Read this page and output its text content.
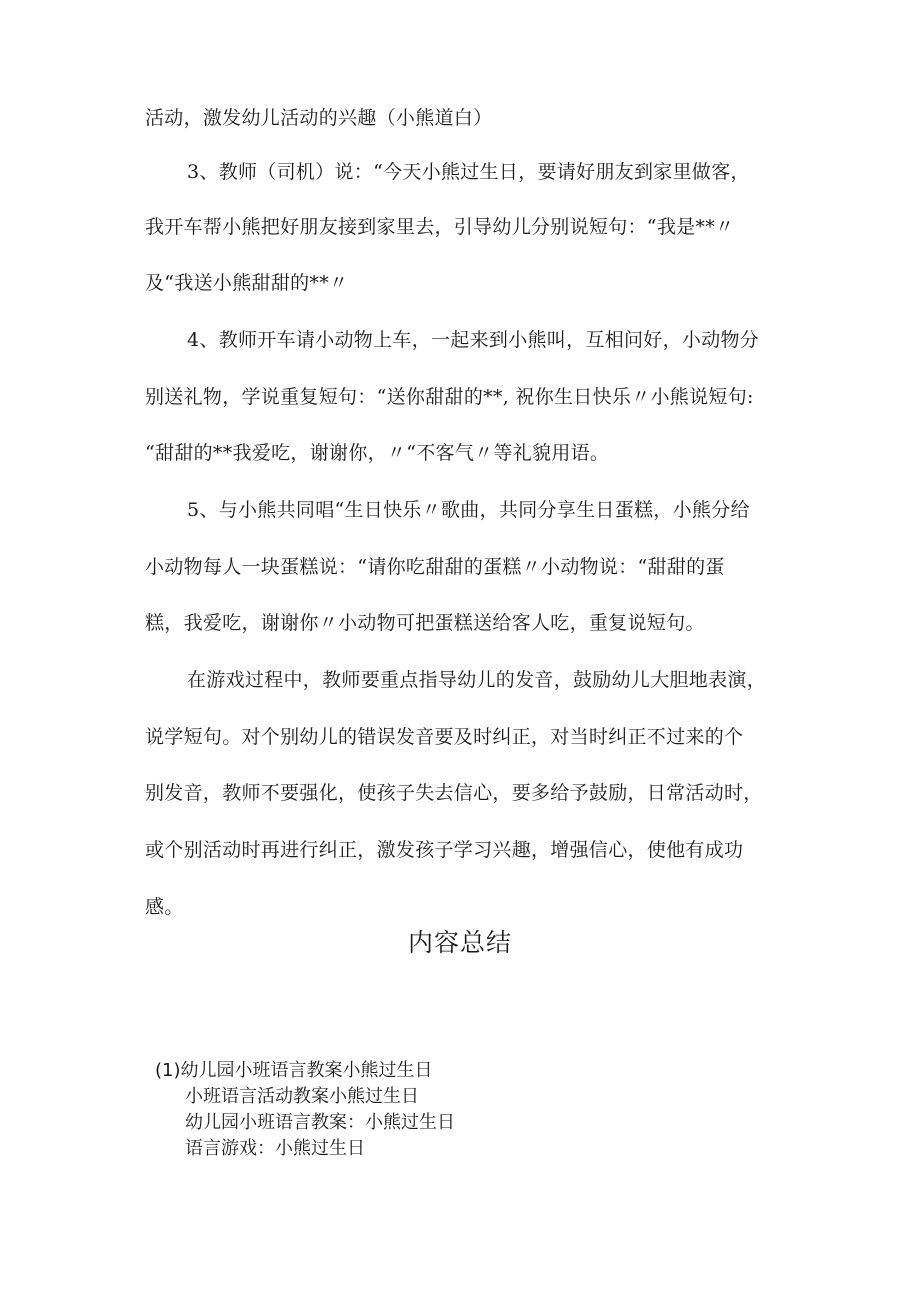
活动，激发幼儿活动的兴趣（小熊道白）
3、教师（司机）说：“今天小熊过生日，要请好朋友到家里做客，
我开车帮小熊把好朋友接到家里去，引导幼儿分别说短句：“我是**〃
及“我送小熊甜甜的**〃
4、教师开车请小动物上车，一起来到小熊叫，互相问好，小动物分
别送礼物，学说重复短句：“送你甜甜的**, 祝你生日快乐〃小熊说短句:
“甜甜的**我爱吃，谢谢你，〃“不客气〃等礼貌用语。
5、与小熊共同唱“生日快乐〃歌曲，共同分享生日蛋糕，小熊分给
小动物每人一块蛋糕说：“请你吃甜甜的蛋糕〃小动物说：“甜甜的蛋
糕，我爱吃，谢谢你〃小动物可把蛋糕送给客人吃，重复说短句。
在游戏过程中，教师要重点指导幼儿的发音，鼓励幼儿大胆地表演，
说学短句。对个别幼儿的错误发音要及时纠正，对当时纠正不过来的个
别发音，教师不要强化，使孩子失去信心，要多给予鼓励，日常活动时，
或个别活动时再进行纠正，激发孩子学习兴趣，增强信心，使他有成功
感。
内容总结
(1)幼儿园小班语言教案小熊过生日
小班语言活动教案小熊过生日
幼儿园小班语言教案：小熊过生日
语言游戏：小熊过生日
